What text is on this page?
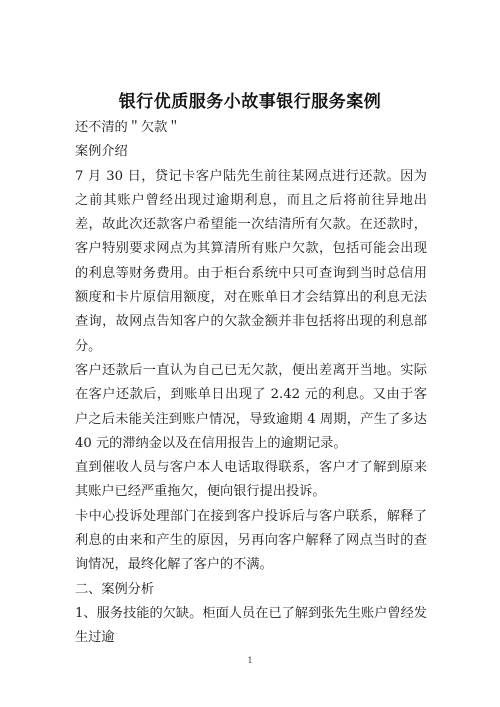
银行优质服务小故事银行服务案例

还不清的＂欠款＂

案例介绍

7 月 30 日，贷记卡客户陆先生前往某网点进行还款。因为之前其账户曾经出现过逾期利息，而且之后将前往异地出差，故此次还款客户希望能一次结清所有欠款。在还款时，客户特别要求网点为其算清所有账户欠款，包括可能会出现的利息等财务费用。由于柜台系统中只可查询到当时总信用额度和卡片原信用额度，对在账单日才会结算出的利息无法查询，故网点告知客户的欠款金额并非包括将出现的利息部分。

客户还款后一直认为自己已无欠款，便出差离开当地。实际在客户还款后，到账单日出现了 2.42 元的利息。又由于客户之后未能关注到账户情况，导致逾期 4 周期，产生了多达 40 元的滞纳金以及在信用报告上的逾期记录。

直到催收人员与客户本人电话取得联系，客户才了解到原来其账户已经严重拖欠，便向银行提出投诉。

卡中心投诉处理部门在接到客户投诉后与客户联系，解释了利息的由来和产生的原因，另再向客户解释了网点当时的查询情况，最终化解了客户的不满。

二、案例分析

1、服务技能的欠缺。柜面人员在已了解到张先生账户曾经发生过逾

1
